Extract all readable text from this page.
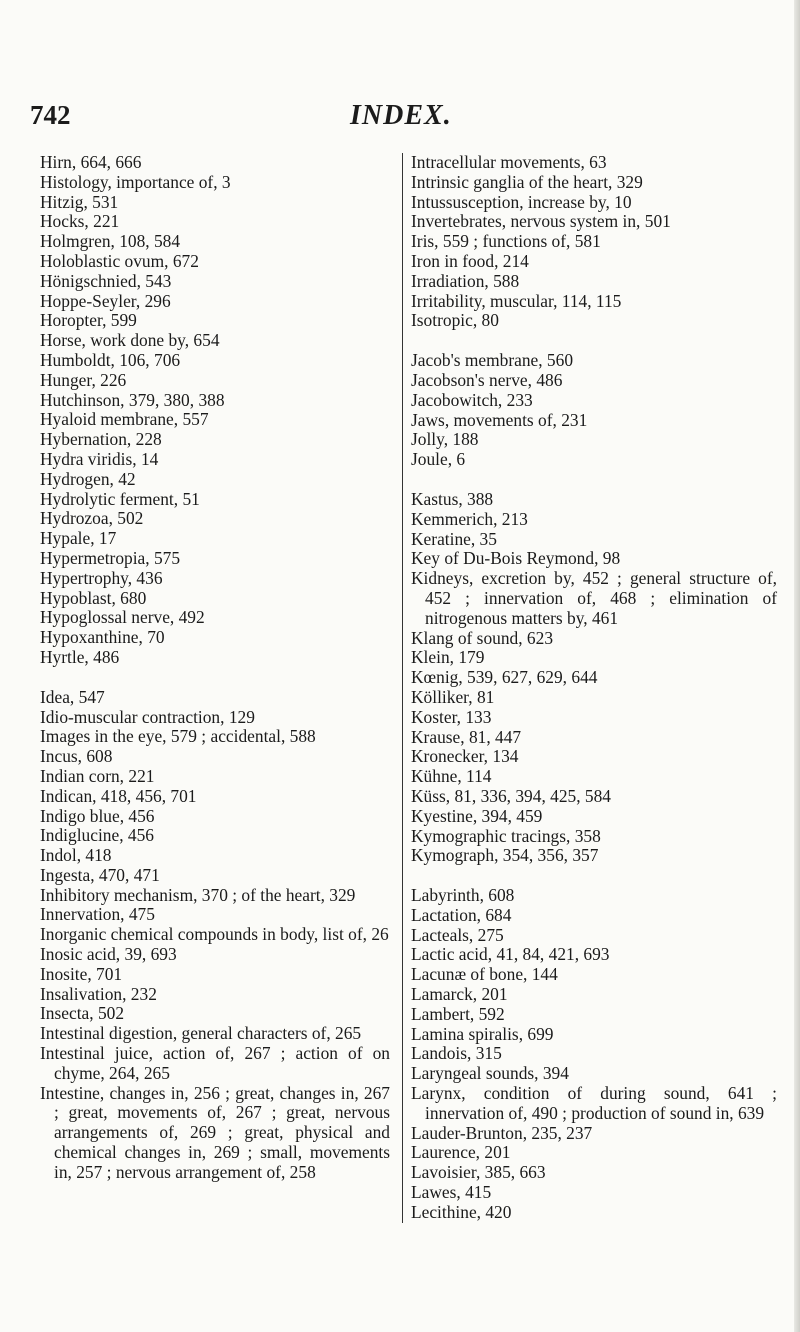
742	INDEX.
Hirn, 664, 666
Histology, importance of, 3
Hitzig, 531
Hocks, 221
Holmgren, 108, 584
Holoblastic ovum, 672
Hönigschnied, 543
Hoppe-Seyler, 296
Horopter, 599
Horse, work done by, 654
Humboldt, 106, 706
Hunger, 226
Hutchinson, 379, 380, 388
Hyaloid membrane, 557
Hybernation, 228
Hydra viridis, 14
Hydrogen, 42
Hydrolytic ferment, 51
Hydrozoa, 502
Hypale, 17
Hypermetropia, 575
Hypertrophy, 436
Hypoblast, 680
Hypoglossal nerve, 492
Hypoxanthine, 70
Hyrtle, 486
Idea, 547
Idio-muscular contraction, 129
Images in the eye, 579 ; accidental, 588
Incus, 608
Indian corn, 221
Indican, 418, 456, 701
Indigo blue, 456
Indiglucine, 456
Indol, 418
Ingesta, 470, 471
Inhibitory mechanism, 370 ; of the heart, 329
Innervation, 475
Inorganic chemical compounds in body, list of, 26
Inosic acid, 39, 693
Inosite, 701
Insalivation, 232
Insecta, 502
Intestinal digestion, general characters of, 265
Intestinal juice, action of, 267 ; action of on chyme, 264, 265
Intestine, changes in, 256 ; great, changes in, 267 ; great, movements of, 267 ; great, nervous arrangements of, 269 ; great, physical and chemical changes in, 269 ; small, movements in, 257 ; nervous arrangement of, 258
Intracellular movements, 63
Intrinsic ganglia of the heart, 329
Intussusception, increase by, 10
Invertebrates, nervous system in, 501
Iris, 559 ; functions of, 581
Iron in food, 214
Irradiation, 588
Irritability, muscular, 114, 115
Isotropic, 80
Jacob's membrane, 560
Jacobson's nerve, 486
Jacobowitch, 233
Jaws, movements of, 231
Jolly, 188
Joule, 6
Kastus, 388
Kemmerich, 213
Keratine, 35
Key of Du-Bois Reymond, 98
Kidneys, excretion by, 452 ; general structure of, 452 ; innervation of, 468 ; elimination of nitrogenous matters by, 461
Klang of sound, 623
Klein, 179
Kœnig, 539, 627, 629, 644
Kölliker, 81
Koster, 133
Krause, 81, 447
Kronecker, 134
Kühne, 114
Küss, 81, 336, 394, 425, 584
Kyestine, 394, 459
Kymographic tracings, 358
Kymograph, 354, 356, 357
Labyrinth, 608
Lactation, 684
Lacteals, 275
Lactic acid, 41, 84, 421, 693
Lacunæ of bone, 144
Lamarck, 201
Lambert, 592
Lamina spiralis, 699
Landois, 315
Laryngeal sounds, 394
Larynx, condition of during sound, 641 ; innervation of, 490 ; production of sound in, 639
Lauder-Brunton, 235, 237
Laurence, 201
Lavoisier, 385, 663
Lawes, 415
Lecithine, 420
